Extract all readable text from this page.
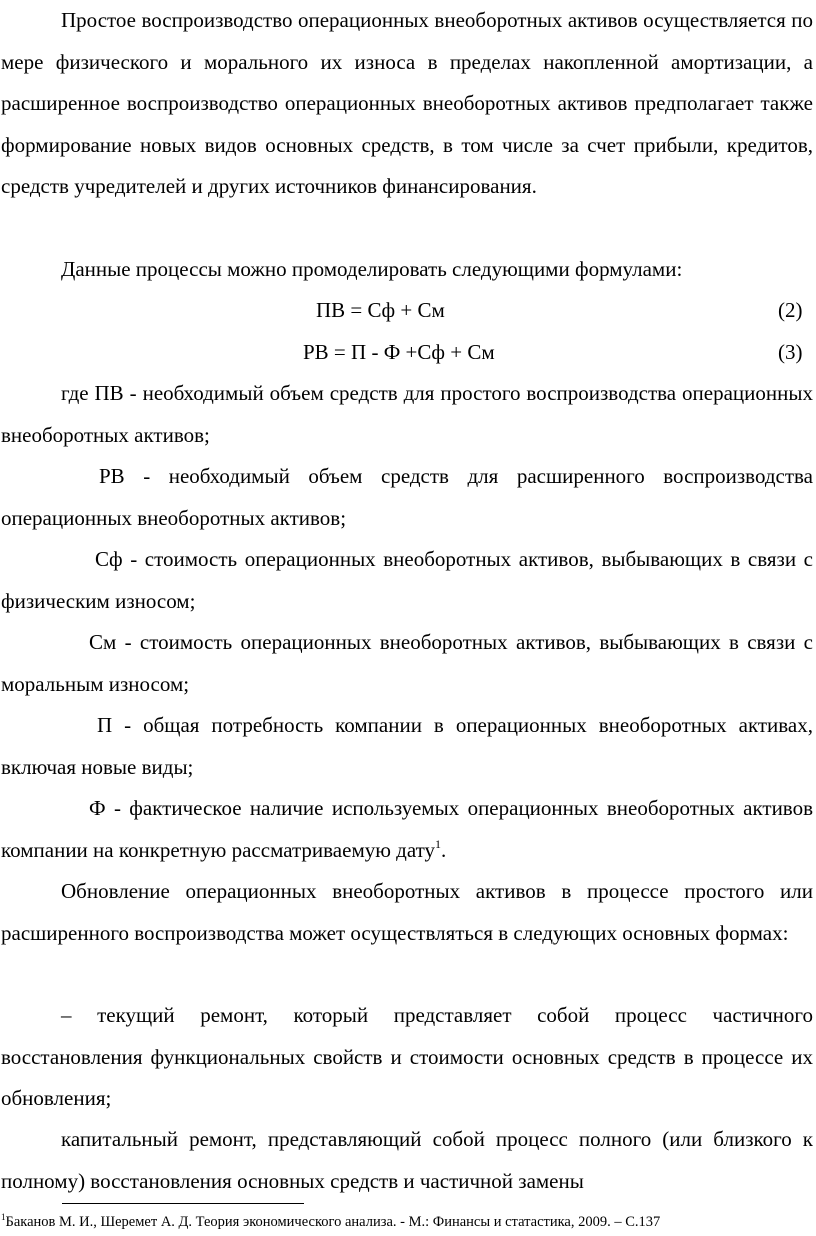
Простое воспроизводство операционных внеоборотных активов осуществляется по мере физического и морального их износа в пределах накопленной амортизации, а расширенное воспроизводство операционных внеоборотных активов предполагает также формирование новых видов основных средств, в том числе за счет прибыли, кредитов, средств учредителей и других источников финансирования.

Данные процессы можно промоделировать следующими формулами:

ПВ = Сф + См	(2)
РВ = П - Ф +Сф + См	(3)

где ПВ - необходимый объем средств для простого воспроизводства операционных внеоборотных активов;

РВ - необходимый объем средств для расширенного воспроизводства операционных внеоборотных активов;

Сф - стоимость операционных внеоборотных активов, выбывающих в связи с физическим износом;

См - стоимость операционных внеоборотных активов, выбывающих в связи с моральным износом;

П - общая потребность компании в операционных внеоборотных активах, включая новые виды;

Ф - фактическое наличие используемых операционных внеоборотных активов компании на конкретную рассматриваемую дату$^1$.

Обновление операционных внеоборотных активов в процессе простого или расширенного воспроизводства может осуществляться в следующих основных формах:

– текущий ремонт, который представляет собой процесс частичного восстановления функциональных свойств и стоимости основных средств в процессе их обновления;

капитальный ремонт, представляющий собой процесс полного (или близкого к полному) восстановления основных средств и частичной замены

$^1$Баканов М. И., Шеремет А. Д. Теория экономического анализа. - М.: Финансы и статастика, 2009. – С.137
